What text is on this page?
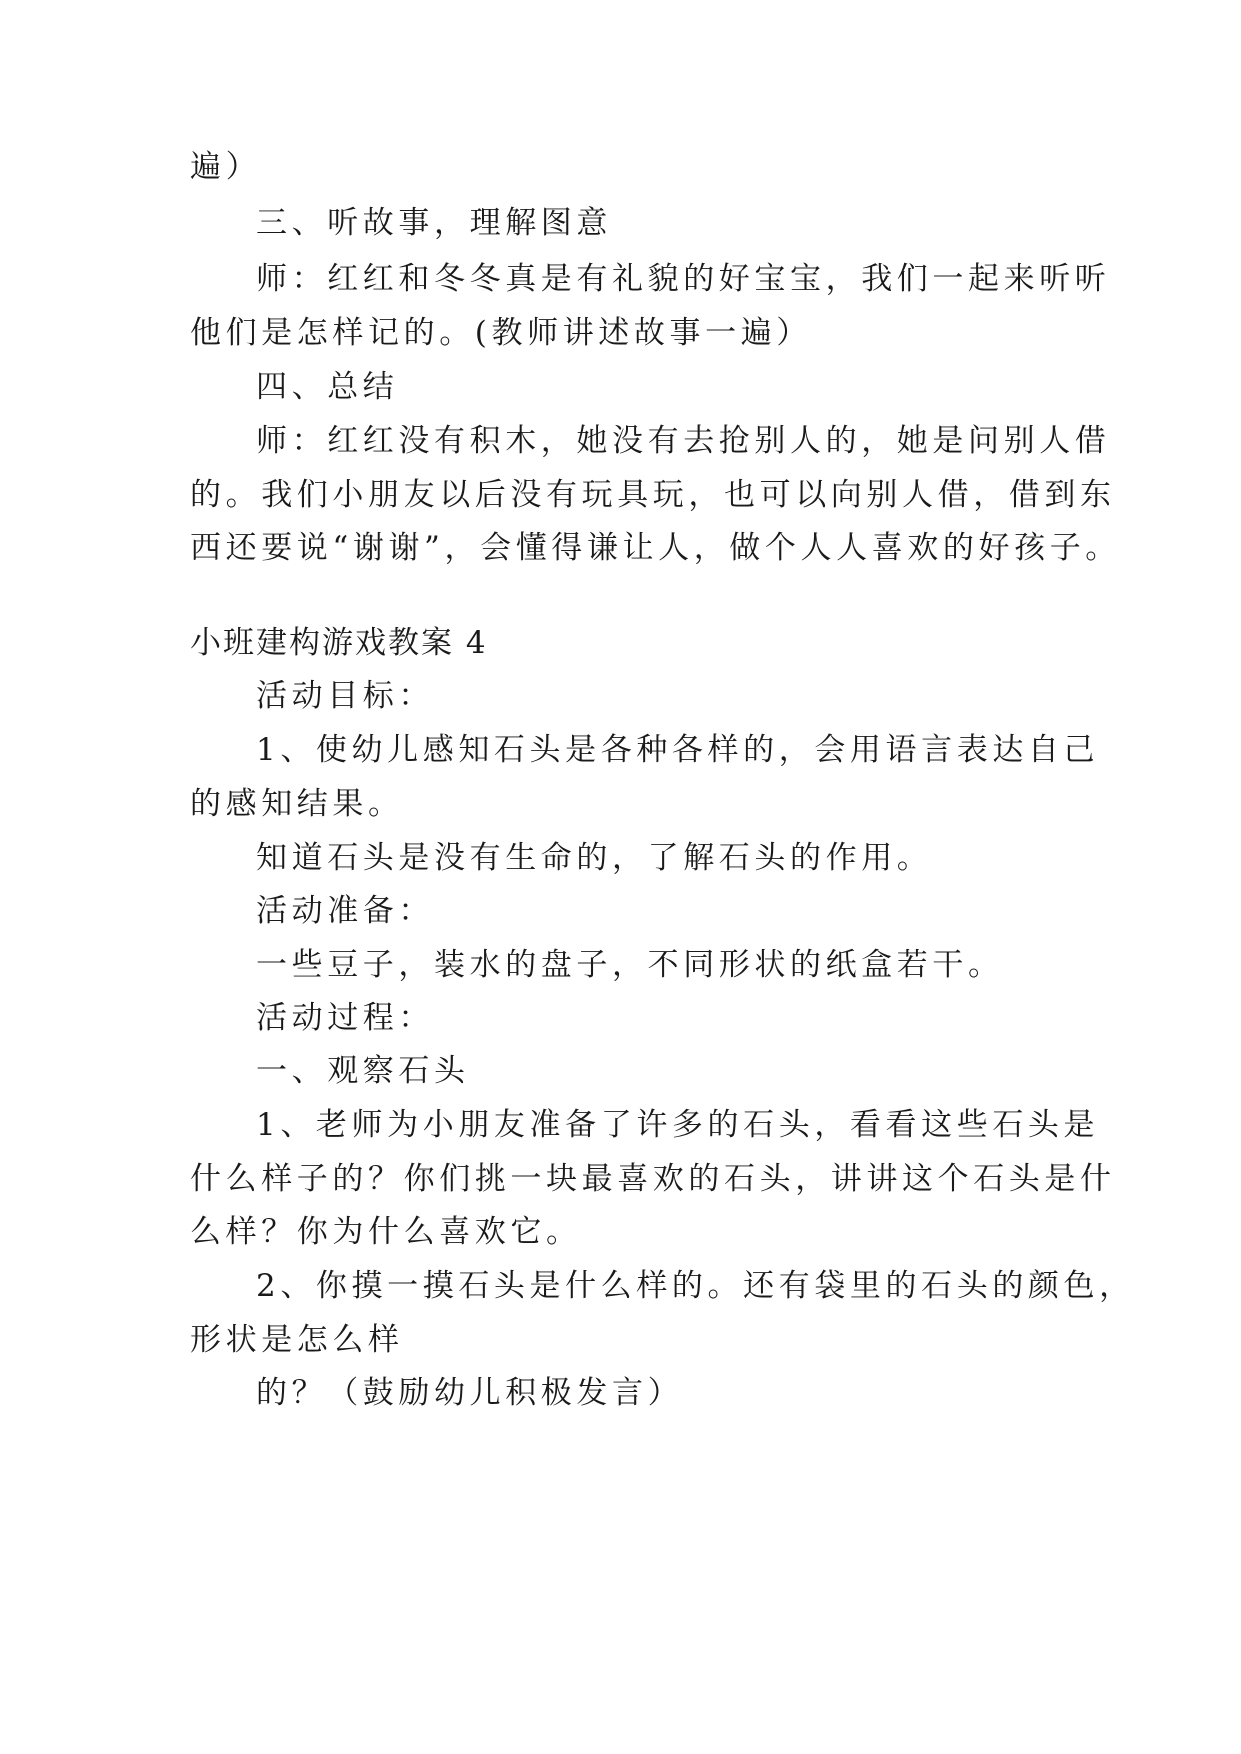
遍）
三、听故事，理解图意
师：红红和冬冬真是有礼貌的好宝宝，我们一起来听听
他们是怎样记的。(教师讲述故事一遍）
四、总结
师：红红没有积木，她没有去抢别人的，她是问别人借
的。我们小朋友以后没有玩具玩，也可以向别人借，借到东
西还要说“谢谢”，会懂得谦让人，做个人人喜欢的好孩子。
小班建构游戏教案 4
活动目标：
1、使幼儿感知石头是各种各样的，会用语言表达自己
的感知结果。
知道石头是没有生命的，了解石头的作用。
活动准备：
一些豆子，装水的盘子，不同形状的纸盒若干。
活动过程：
一、观察石头
1、老师为小朋友准备了许多的石头，看看这些石头是
什么样子的？你们挑一块最喜欢的石头，讲讲这个石头是什
么样？你为什么喜欢它。
2、你摸一摸石头是什么样的。还有袋里的石头的颜色，
形状是怎么样
的？（鼓励幼儿积极发言）
